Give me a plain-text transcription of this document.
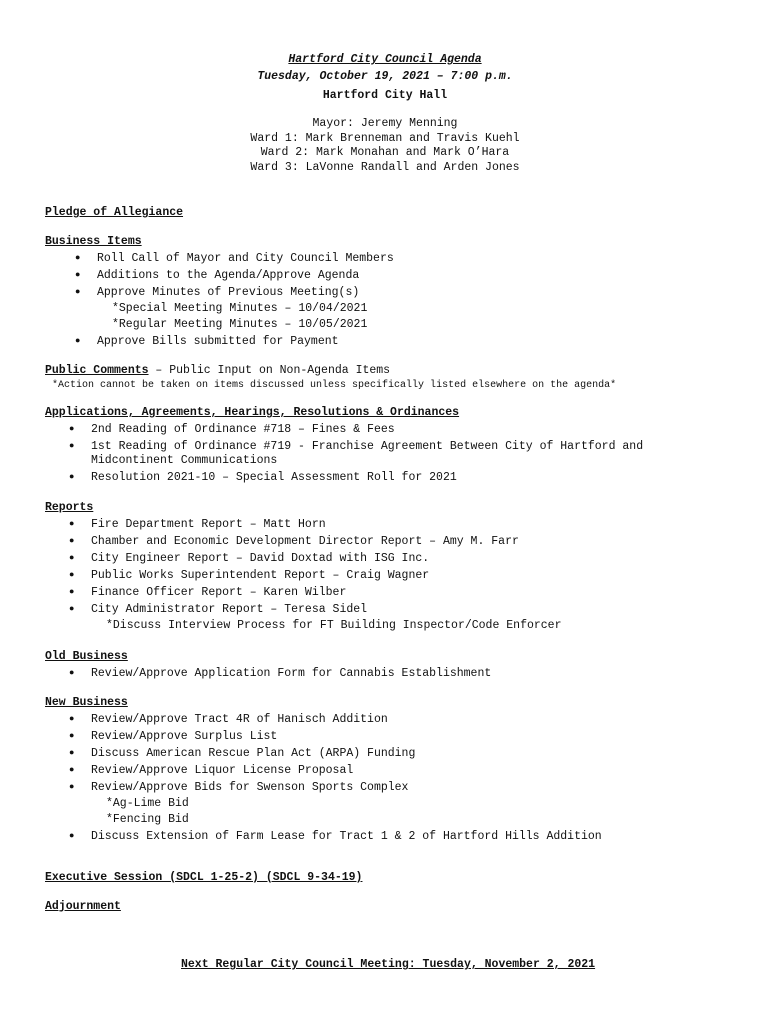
Hartford City Council Agenda
Tuesday, October 19, 2021 – 7:00 p.m.
Hartford City Hall
Mayor: Jeremy Menning
Ward 1: Mark Brenneman and Travis Kuehl
Ward 2: Mark Monahan and Mark O’Hara
Ward 3: LaVonne Randall and Arden Jones
Pledge of Allegiance
Business Items
● Roll Call of Mayor and City Council Members
● Additions to the Agenda/Approve Agenda
● Approve Minutes of Previous Meeting(s)
*Special Meeting Minutes – 10/04/2021
*Regular Meeting Minutes – 10/05/2021
● Approve Bills submitted for Payment
Public Comments – Public Input on Non-Agenda Items
*Action cannot be taken on items discussed unless specifically listed elsewhere on the agenda*
Applications, Agreements, Hearings, Resolutions & Ordinances
● 2nd Reading of Ordinance #718 – Fines & Fees
● 1st Reading of Ordinance #719 - Franchise Agreement Between City of Hartford and
Midcontinent Communications
● Resolution 2021-10 – Special Assessment Roll for 2021
Reports
● Fire Department Report – Matt Horn
● Chamber and Economic Development Director Report – Amy M. Farr
● City Engineer Report – David Doxtad with ISG Inc.
● Public Works Superintendent Report – Craig Wagner
● Finance Officer Report – Karen Wilber
● City Administrator Report – Teresa Sidel
*Discuss Interview Process for FT Building Inspector/Code Enforcer
Old Business
● Review/Approve Application Form for Cannabis Establishment
New Business
● Review/Approve Tract 4R of Hanisch Addition
● Review/Approve Surplus List
● Discuss American Rescue Plan Act (ARPA) Funding
● Review/Approve Liquor License Proposal
● Review/Approve Bids for Swenson Sports Complex
*Ag-Lime Bid
*Fencing Bid
● Discuss Extension of Farm Lease for Tract 1 & 2 of Hartford Hills Addition
Executive Session (SDCL 1-25-2) (SDCL 9-34-19)
Adjournment
Next Regular City Council Meeting: Tuesday, November 2, 2021
